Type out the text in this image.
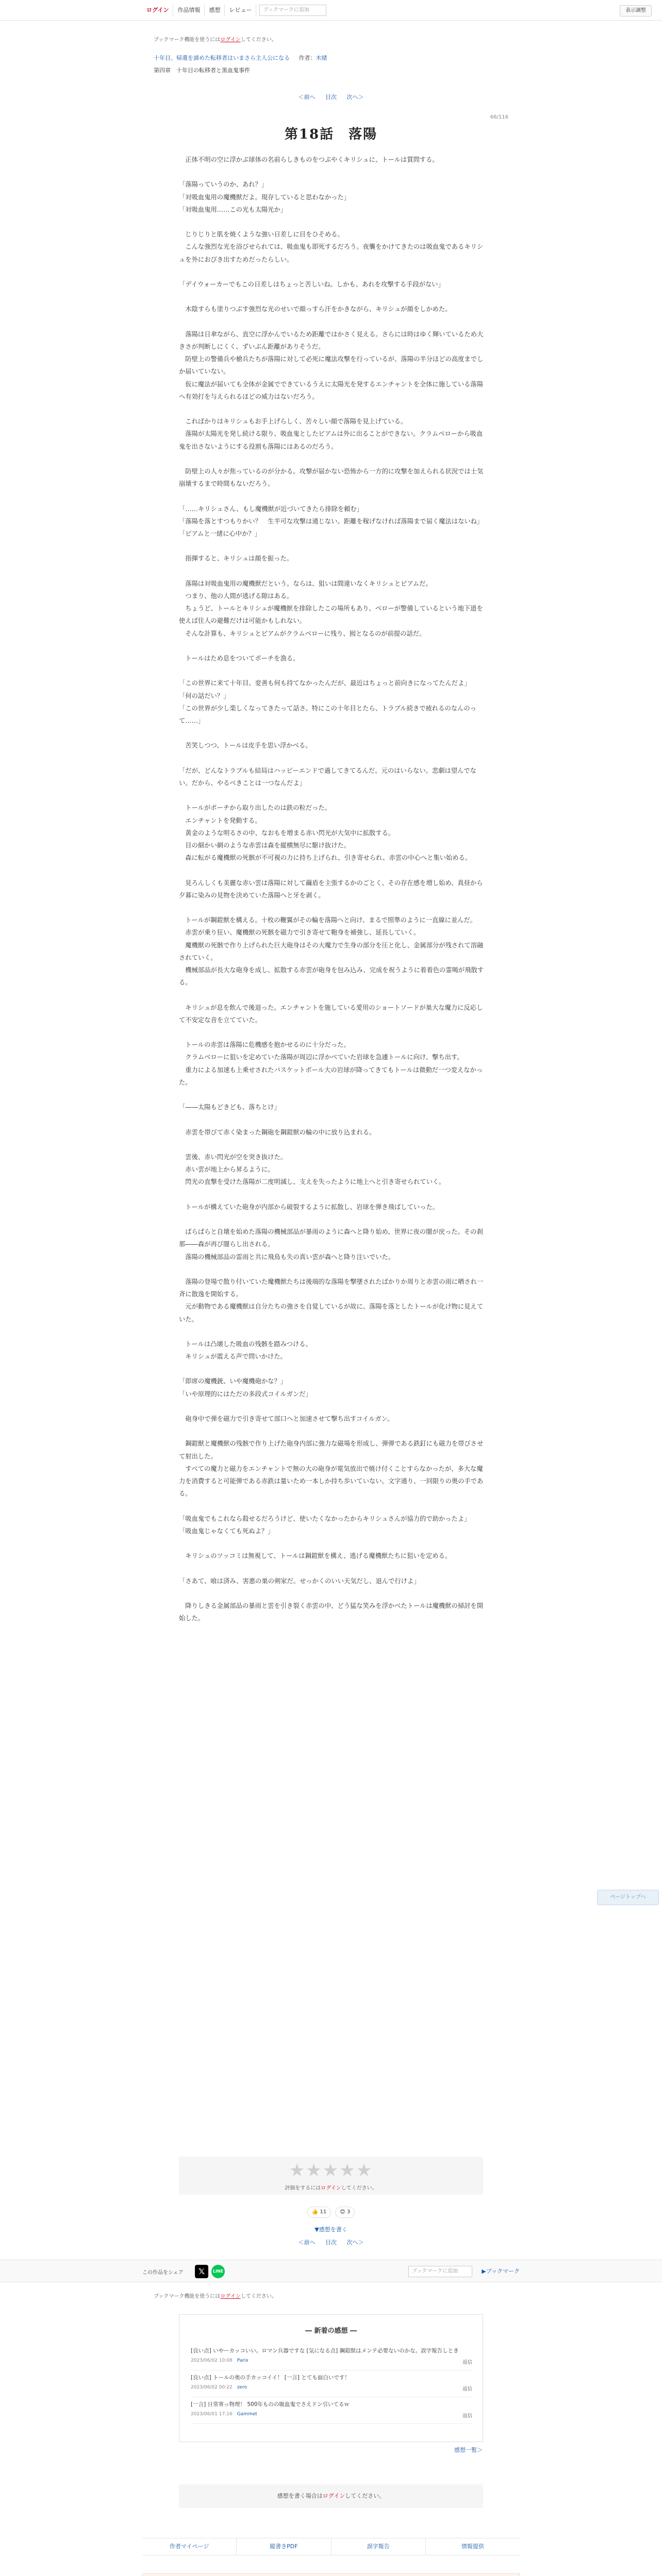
ログイン	作品情報	感想	レビュー	ブックマークに追加	表示調整
ブックマーク機能を使うにはログインしてください。
十年目、帰還を諦めた転移者はいまさら主人公になる 作者：木緒
第四章　十年目の転移者と黒血鬼事件
＜前へ 目次 次へ＞
66/116
第18話　落陽

　正体不明の空に浮かぶ球体の名前らしきものをつぶやくキリシュに、トールは質問する。

「落陽っていうのか、あれ？」

「対吸血鬼用の魔機獣だよ。現存していると思わなかった」

「対吸血鬼用……この光も太陽光か」

　じりじりと肌を焼くような強い日差しに目をひそめる。

　こんな強烈な光を浴びせられては、吸血鬼も即死するだろう。夜襲をかけてきたのは吸血鬼であるキリシュを外におびき出すためだったらしい。

「デイウォーカーでもこの日差しはちょっと苦しいね。しかも、あれを攻撃する手段がない」

　木陰すらも塗りつぶす強烈な光のせいで顔っすら汗をかきながら、キリシュが顔をしかめた。

　落陽は日傘ながら、直空に浮かんでいるため距離ではかさく見える。さらには時はゆく輝いているため大きさが判断しにくく、ずいぶん距離がありそうだ。

　防壁上の警備兵や槍兵たちが落陽に対して必死に魔法攻撃を行っているが、落陽の半分ほどの高度までしか届いていない。

　仮に魔法が届いても全体が金属でできているうえに太陽光を発するエンチャントを全体に施している落陽へ有効打を与えられるほどの威力はないだろう。

　こればかりはキリシュもお手上げらしく、苦々しい顔で落陽を見上げている。

　落陽が太陽光を発し続ける限り、吸血鬼としたビアムは外に出ることができない。クラムベローから吸血鬼を出さないようにする役割も落陽にはあるのだろう。

　防壁上の人々が焦っているのが分かる。攻撃が届かない恐怖から一方的に攻撃を加えられる状況では士気崩壊するまで時間もないだろう。

「……キリシュさん、もし魔機獣が近づいてきたら排除を頼む」

「落陽を落とすつもりかい？　生半可な攻撃は通じない。距離を稼げなければ落陽まで届く魔法はないね」

「ビアムと一緒に心中か？」

　指揮すると、キリシュは顔を振った。

　落陽は対吸血鬼用の魔機獣だという。ならは、狙いは間違いなくキリシュとビアムだ。

　つまり、他の人間が逃げる隙はある。

　ちょうど、トールとキリシュが魔機獣を排除したこの場所もあり、ベローが警備しているという地下道を使えば住人の避難だけは可能かもしれない。

　そんな計算も、キリシュとビアムがクラムベローに残り、囮となるのが前提の話だ。

　トールはため息をついてポーチを漁る。

「この世界に来て十年目。変善も何も持てなかったんだが、最近はちょっと前向きになってたんだよ」

「何の話だい？」

「この世界が少し楽しくなってきたって話さ。特にこの十年目とたら、トラブル続きで疲れるのなんのって……」

　苦笑しつつ、トールは皮手を思い浮かべる。

「だが、どんなトラブルも結局はハッピーエンドで過してきてるんだ。元のはいらない。悲劇は望んでない。だから、やるべきことは一つなんだよ」

　トールがポーチから取り出したのは鉄の粒だった。

　エンチャントを発動する。

　黄金のような明るさの中、なおもを増まる赤い閃光が大気中に拡散する。

　目の細かい網のような赤雲は森を縦横無尽に駆け抜けた。

　森に転がる魔機獣の死骸が不可視の力に持ち上げられ、引き寄せられ、赤雲の中心へと集い始める。

　見ろんしくも美麗な赤い雲は落陽に対して繭盾を主張するかのごとく、その存在感を増し始め、真昼から夕暮に染みの見物を決めていた落陽へと牙を剥く。

　トールが鋼鎧獣を構える。十枚の鞭翼がその輪を落陽へと向け、まるで照準のように一直線に並んだ。

　赤雲が乗り狂い、魔機獣の死骸を磁力で引き寄せて鞄身を補強し、延長していく。

　魔機獣の死骸で作り上げられた巨大砲身はその大魔力で生身の部分を圧と化し、金属部分が残されて溶融されていく。

　機械部品が長大な砲身を成し、拡散する赤雲が砲身を包み込み、完成を祝うように着着色の霊喝が飛散する。

　キリシュが息を飲んで後退った。エンチャントを施している愛用のショートソードが巣大な魔力に反応して不安定な音を立てていた。

　トールの赤雲は落陽に危機感を抱かせるのに十分だった。

　クラムベローに狙いを定めていた落陽が周辺に浮かべていた岩球を急遽トールに向け、撃ち出す。

　重力による加速も上乗せされたバスケットボール大の岩球が降ってきてもトールは微動だ一つ変えなかった。

「――太陽もどきども、落ちとけ」

　赤雲を帯びて赤く染まった鋼砲を鋼鎧獣の輪の中に放り込まれる。

　雲後、赤い閃光が空を突き抜けた。

　赤い雲が地上から昇るように。

　閃光の直撃を受けた落陽が二度明滅し、支えを失ったように地上へと引き寄せられていく。

　トールが構えていた砲身が内部から破裂するように拡散し、岩球を弾き飛ばしていった。

　ぱらぱらと自壊を始めた落陽の機械部品が暴雨のように森へと降り始め、世界に夜の闇が戻った。その刹那――森が再び闇らし出される。

　落陽の機械部品の雷雨と共に飛鳥も失の真い雲が森へと降り注いでいた。

　落陽の登場で散り付いていた魔機獣たちは後端的な落陽を撃墜されたばかりか周りと赤雲の雨に晒され一斉に散逸を開始する。

　元が動物である魔機獣は自分たちの強さを自覚しているが故に、落陽を落としたトールが化け物に見えていた。

　トールは凸壊した吸血の残骸を踏みつける。

　キリシュが震える声で問いかけた。

「即席の魔機銃、いや魔機砲かな？」

「いや原理的にはただの多段式コイルガンだ」

　砲身中で弾を磁力で引き寄せて部口へと加速させて撃ち出すコイルガン。

　鋼鎧獣と魔機獣の残骸で作り上げた砲身内部に強力な磁場を形成し、弾弾である鉄釘にも磁力を帯びさせて射出した。

　すべての魔力と磁力をエンチャントで無の大の砲身が電気放出で焼け付くことすらなかったが、多大な魔力を消費すると可能弾である赤鉄は量いため一本しか持ち歩いていない。文字通り、一回限りの奥の手である。

「吸血鬼でもこれなら殺せるだろうけど、使いたくなかったからキリシュさんが協力的で助かったよ」

「吸血鬼じゃなくても死ぬよ？」

　キリシュのツッコミは無視して、トールは鋼鎧獣を構え、逃げる魔機獣たちに狙いを定める。

「さあて、喰は済み、害悪の巣の剣家だ。せっかくのいい天気だし、退んで行けよ」

　降りしきる金属部品の暴雨と雲を引き裂く赤雲の中、どう猛な笑みを浮かべたトールは魔機獣の掃討を開始した。

ページトップへ
★★★★★
評価をするにはログインしてください。
👍 11	😊 3
▼感想を書く
＜前へ 目次 次へ＞
この作品をシェア	𝕏	LINE	ブックマークに追加	▶ブックマーク
ブックマーク機能を使うにはログインしてください。
― 新着の感想 ―
[良い点] いやーカッコいい。ロマン兵器ですな [気になる点] 鋼鎧獣はメンテ必要ないのかな。誤字報告しとき
2023/06/02 10:08　 Parix	返信
[良い点] トールの奥の手カッコイイ！ [一言] とても面白いです！
2023/06/02 00:22　 zero	返信
[一言] 日常寄っ物理！ 500年ものの吸血鬼でさえドン引いてるｗ
2023/06/01 17:16　 Gammet	返信
感想一覧＞
感想を書く場合はログインしてください。
作者マイページ	縦書きPDF	誤字報告	情報提供
